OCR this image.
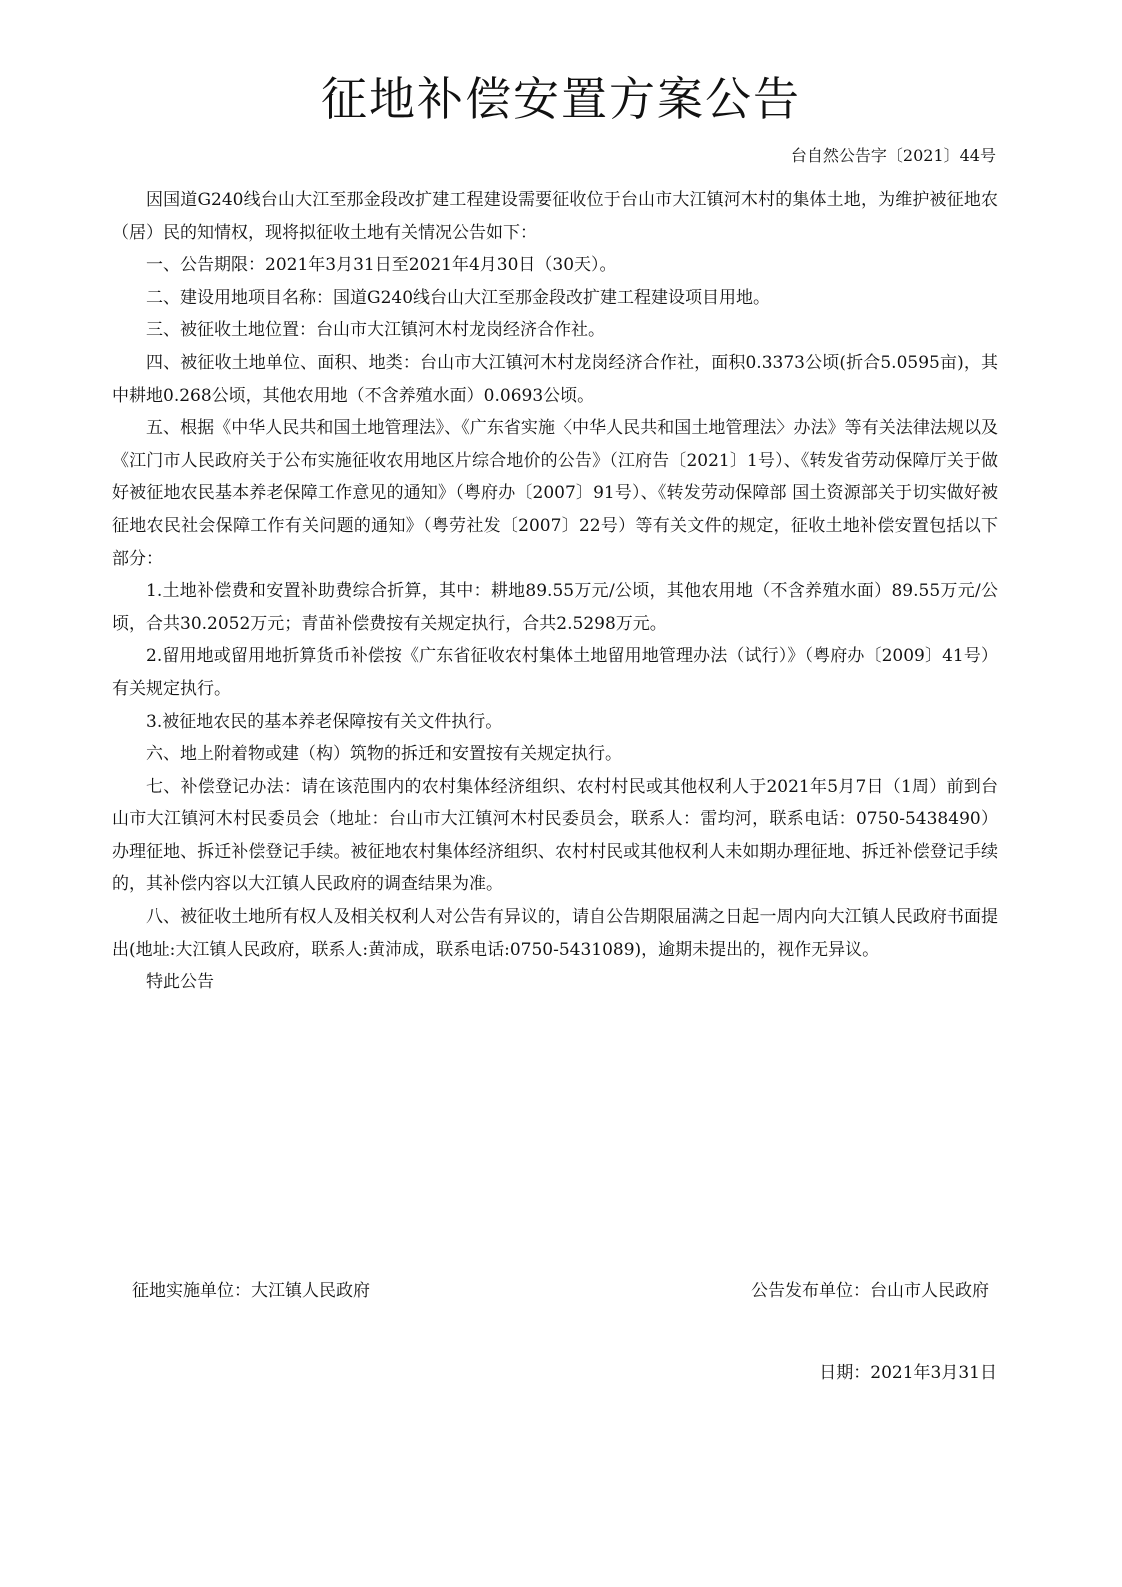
征地补偿安置方案公告
台自然公告字〔2021〕44号

因国道G240线台山大江至那金段改扩建工程建设需要征收位于台山市大江镇河木村的集体土地，为维护被征地农（居）民的知情权，现将拟征收土地有关情况公告如下：

一、公告期限：2021年3月31日至2021年4月30日（30天）。

二、建设用地项目名称：国道G240线台山大江至那金段改扩建工程建设项目用地。

三、被征收土地位置：台山市大江镇河木村龙岗经济合作社。

四、被征收土地单位、面积、地类：台山市大江镇河木村龙岗经济合作社，面积0.3373公顷(折合5.0595亩)，其中耕地0.268公顷，其他农用地（不含养殖水面）0.0693公顷。

五、根据《中华人民共和国土地管理法》、《广东省实施〈中华人民共和国土地管理法〉办法》等有关法律法规以及《江门市人民政府关于公布实施征收农用地区片综合地价的公告》（江府告〔2021〕1号）、《转发省劳动保障厅关于做好被征地农民基本养老保障工作意见的通知》（粤府办〔2007〕91号）、《转发劳动保障部 国土资源部关于切实做好被征地农民社会保障工作有关问题的通知》（粤劳社发〔2007〕22号）等有关文件的规定，征收土地补偿安置包括以下部分：

1.土地补偿费和安置补助费综合折算，其中：耕地89.55万元/公顷，其他农用地（不含养殖水面）89.55万元/公顷，合共30.2052万元；青苗补偿费按有关规定执行，合共2.5298万元。

2.留用地或留用地折算货币补偿按《广东省征收农村集体土地留用地管理办法（试行）》（粤府办〔2009〕41号）有关规定执行。

3.被征地农民的基本养老保障按有关文件执行。

六、地上附着物或建（构）筑物的拆迁和安置按有关规定执行。

七、补偿登记办法：请在该范围内的农村集体经济组织、农村村民或其他权利人于2021年5月7日（1周）前到台山市大江镇河木村民委员会（地址：台山市大江镇河木村民委员会，联系人：雷均河，联系电话：0750-5438490）办理征地、拆迁补偿登记手续。被征地农村集体经济组织、农村村民或其他权利人未如期办理征地、拆迁补偿登记手续的，其补偿内容以大江镇人民政府的调查结果为准。

八、被征收土地所有权人及相关权利人对公告有异议的，请自公告期限届满之日起一周内向大江镇人民政府书面提出(地址:大江镇人民政府，联系人:黄沛成，联系电话:0750-5431089)，逾期未提出的，视作无异议。

特此公告

征地实施单位：大江镇人民政府	公告发布单位：台山市人民政府
日期：2021年3月31日
